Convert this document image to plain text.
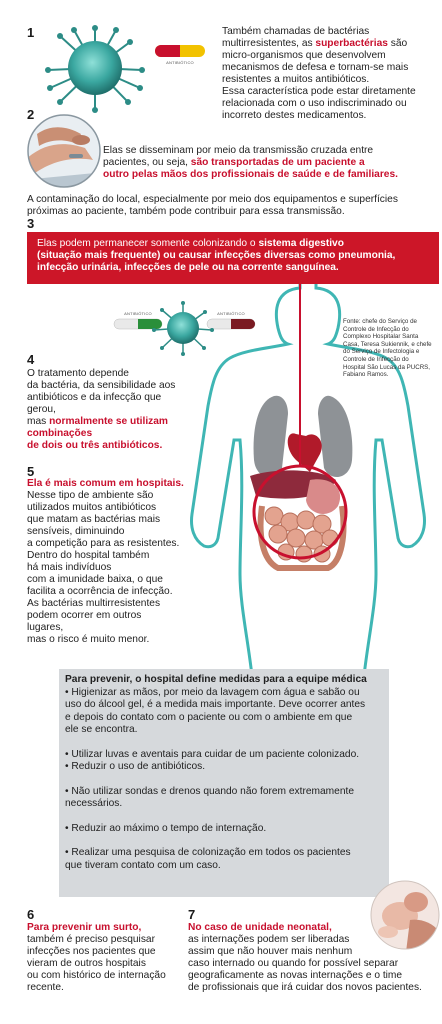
1
ANTIBIÓTICO
Também chamadas de bactérias
multirresistentes, as superbactérias são
micro-organismos que desenvolvem
mecanismos de defesa e tornam-se mais
resistentes a muitos antibióticos.
Essa característica pode estar diretamente
relacionada com o uso indiscriminado ou
incorreto destes medicamentos.
2
Elas se disseminam por meio da transmissão cruzada entre
pacientes, ou seja, são transportadas de um paciente a
outro pelas mãos dos profissionais de saúde e de familiares.

A contaminação do local, especialmente por meio dos equipamentos e superfícies
próximas ao paciente, também pode contribuir para essa transmissão.
3
Elas podem permanecer somente colonizando o sistema digestivo
(situação mais frequente) ou causar infecções diversas como pneumonia,
infecção urinária, infecções de pele ou na corrente sanguínea.
ANTIBIÓTICO	ANTIBIÓTICO
4
O tratamento depende
da bactéria, da sensibilidade aos
antibióticos e da infecção que gerou,
mas normalmente se utilizam
combinações
de dois ou três antibióticos.
Fonte: chefe do Serviço de
Controle de Infecção do
Complexo Hospitalar Santa
Casa, Teresa Sukiennik, e chefe
do Serviço de Infectologia e
Controle de Infecção do
Hospital São Lucas da PUCRS,
Fabiano Ramos.
5
Ela é mais comum em hospitais.
Nesse tipo de ambiente são
utilizados muitos antibióticos
que matam as bactérias mais
sensíveis, diminuindo
a competição para as resistentes.
Dentro do hospital também
há mais indivíduos
com a imunidade baixa, o que
facilita a ocorrência de infecção.
As bactérias multirresistentes
podem ocorrer em outros
lugares,
mas o risco é muito menor.
Para prevenir, o hospital define medidas para a equipe médica
• Higienizar as mãos, por meio da lavagem com água e sabão ou
uso do álcool gel, é a medida mais importante. Deve ocorrer antes
e depois do contato com o paciente ou com o ambiente em que
ele se encontra.
• Utilizar luvas e aventais para cuidar de um paciente colonizado.
• Reduzir o uso de antibióticos.
• Não utilizar sondas e drenos quando não forem extremamente
necessários.
• Reduzir ao máximo o tempo de internação.
• Realizar uma pesquisa de colonização em todos os pacientes
que tiveram contato com um caso.
6
Para prevenir um surto,
também é preciso pesquisar
infecções nos pacientes que
vieram de outros hospitais
ou com histórico de internação
recente.
7
No caso de unidade neonatal,
as internações podem ser liberadas
assim que não houver mais nenhum
caso internado ou quando for possível separar
geograficamente as novas internações e o time
de profissionais que irá cuidar dos novos pacientes.
